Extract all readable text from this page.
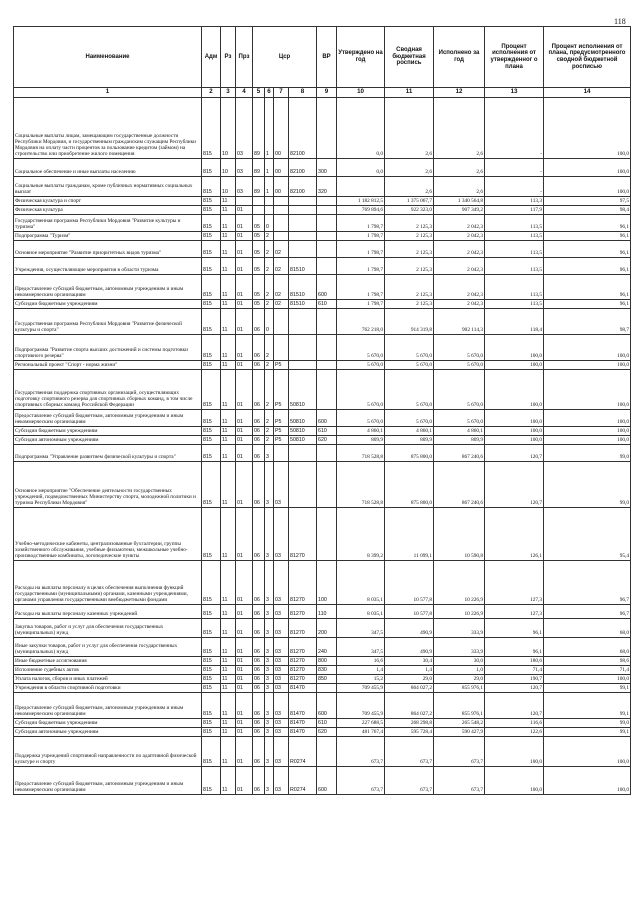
118
Наименование	Адм	Рз	Прз	Цср				ВР	Утверждено на год	Сводная бюджетная роспись	Исполнено за год	Процент исполнения от утвержденног о плана	Процент исполнения от плана, предусмотренного сводной бюджетной росписью
1	2	3	4	5	6	7	8	9	10	11	12	13	14
Социальные выплаты лицам, замещающим государственные должности Республики Мордовия, и государственным гражданским служащим Республики Мордовия на оплату части процентов за пользование кредитом (займом) на строительство или приобретение жилого помещения	815	10	03	89	1	00	82100		0,0	2,6	2,6	-	100,0
Социальное обеспечение и иные выплаты населению	815	10	03	89	1	00	82100	300	0,0	2,6	2,6	-	100,0
Социальные выплаты гражданам, кроме публичных нормативных социальных выплат	815	10	03	89	1	00	82100	320		2,6	2,6	-	100,0
Физическая культура и спорт	815	11							1 182 812,5	1 375 067,7	1 340 564,8	113,3	97,5
Физическая культура	815	11	01						769 894,6	922 323,0	907 349,2	117,9	98,4
Государственная программа Республики Мордовия "Развитие культуры и туризма"	815	11	01	05	0				1 798,7	2 125,3	2 042,3	113,5	96,1
Подпрограмма "Туризм"	815	11	01	05	2				1 798,7	2 125,3	2 042,3	113,5	96,1
Основное мероприятие "Развитие приоритетных видов туризма"	815	11	01	05	2	02			1 798,7	2 125,3	2 042,3	113,5	96,1
Учреждения, осуществляющие мероприятия в области туризма	815	11	01	05	2	02	81510		1 798,7	2 125,3	2 042,3	113,5	96,1
Предоставление субсидий бюджетным, автономным учреждениям и иным некоммерческим организациям	815	11	01	05	2	02	81510	600	1 798,7	2 125,3	2 042,3	113,5	96,1
Субсидии бюджетным учреждениям	815	11	01	05	2	02	81510	610	1 798,7	2 125,3	2 042,3	113,5	96,1
Государственная программа Республики Мордовия "Развитие физической культуры и спорта"	815	11	01	06	0				762 218,0	914 319,8	902 114,3	118,4	98,7
Подпрограмма "Развитие спорта высших достижений и системы подготовки спортивного резерва"	815	11	01	06	2				5 670,0	5 670,0	5 670,0	100,0	100,0
Региональный проект "Спорт - норма жизни"	815	11	01	06	2	P5			5 670,0	5 670,0	5 670,0	100,0	100,0
Государственная поддержка спортивных организаций, осуществляющих подготовку спортивного резерва для спортивных сборных команд, в том числе спортивных сборных команд Российской Федерации	815	11	01	06	2	P5	50810		5 670,0	5 670,0	5 670,0	100,0	100,0
Предоставление субсидий бюджетным, автономным учреждениям и иным некоммерческим организациям	815	11	01	06	2	P5	50810	600	5 670,0	5 670,0	5 670,0	100,0	100,0
Субсидии бюджетным учреждениям	815	11	01	06	2	P5	50810	610	4 860,1	4 860,1	4 860,1	100,0	100,0
Субсидии автономным учреждениям	815	11	01	06	2	P5	50810	620	809,9	809,9	809,9	100,0	100,0
Подпрограмма "Управление развитием физической культуры и спорта"	815	11	01	06	3				718 528,8	875 800,0	867 240,6	120,7	99,0
Основное мероприятие "Обеспечение деятельности государственных учреждений, подведомственных Министерству спорта, молодежной политики и туризма Республики Мордовия"	815	11	01	06	3	03			718 528,8	875 800,0	867 240,6	120,7	99,0
Учебно-методические кабинеты, централизованные бухгалтерии, группы хозяйственного обслуживания, учебные фильмотеки, межшкольные учебно-производственные комбинаты, логопедические пункты	815	11	01	06	3	03	81270		8 399,2	11 099,1	10 590,8	126,1	95,4
Расходы на выплаты персоналу в целях обеспечения выполнения функций государственными (муниципальными) органами, казенными учреждениями, органами управления государственными внебюджетными фондами	815	11	01	06	3	03	81270	100	8 035,1	10 577,8	10 226,9	127,3	96,7
Расходы на выплаты персоналу казенных учреждений	815	11	01	06	3	03	81270	110	8 035,1	10 577,8	10 226,9	127,3	96,7
Закупка товаров, работ и услуг для обеспечения государственных (муниципальных) нужд	815	11	01	06	3	03	81270	200	347,5	490,9	333,9	96,1	68,0
Иные закупки товаров, работ и услуг для обеспечения государственных (муниципальных) нужд	815	11	01	06	3	03	81270	240	347,5	490,9	333,9	96,1	68,0
Иные бюджетные ассигнования	815	11	01	06	3	03	81270	800	16,6	30,4	30,0	180,6	98,6
Исполнение судебных актов	815	11	01	06	3	03	81270	830	1,4	1,4	1,0	71,4	71,4
Уплата налогов, сборов и иных платежей	815	11	01	06	3	03	81270	850	15,2	29,0	29,0	190,7	100,0
Учреждения в области спортивной подготовки	815	11	01	06	3	03	81470		709 455,9	864 027,2	855 976,1	120,7	99,1
Предоставление субсидий бюджетным, автономным учреждениям и иным некоммерческим организациям	815	11	01	06	3	03	81470	600	709 455,9	864 027,2	855 976,1	120,7	99,1
Субсидии бюджетным учреждениям	815	11	01	06	3	03	81470	610	227 688,5	268 298,8	265 548,2	116,6	99,0
Субсидии автономным учреждениям	815	11	01	06	3	03	81470	620	481 767,4	595 728,4	590 427,9	122,6	99,1
Поддержка учреждений спортивной направленности по адаптивной физической культуре и спорту	815	11	01	06	3	03	R0274		673,7	673,7	673,7	100,0	100,0
Предоставление субсидий бюджетным, автономным учреждениям и иным некоммерческим организациям	815	11	01	06	3	03	R0274	600	673,7	673,7	673,7	100,0	100,0
